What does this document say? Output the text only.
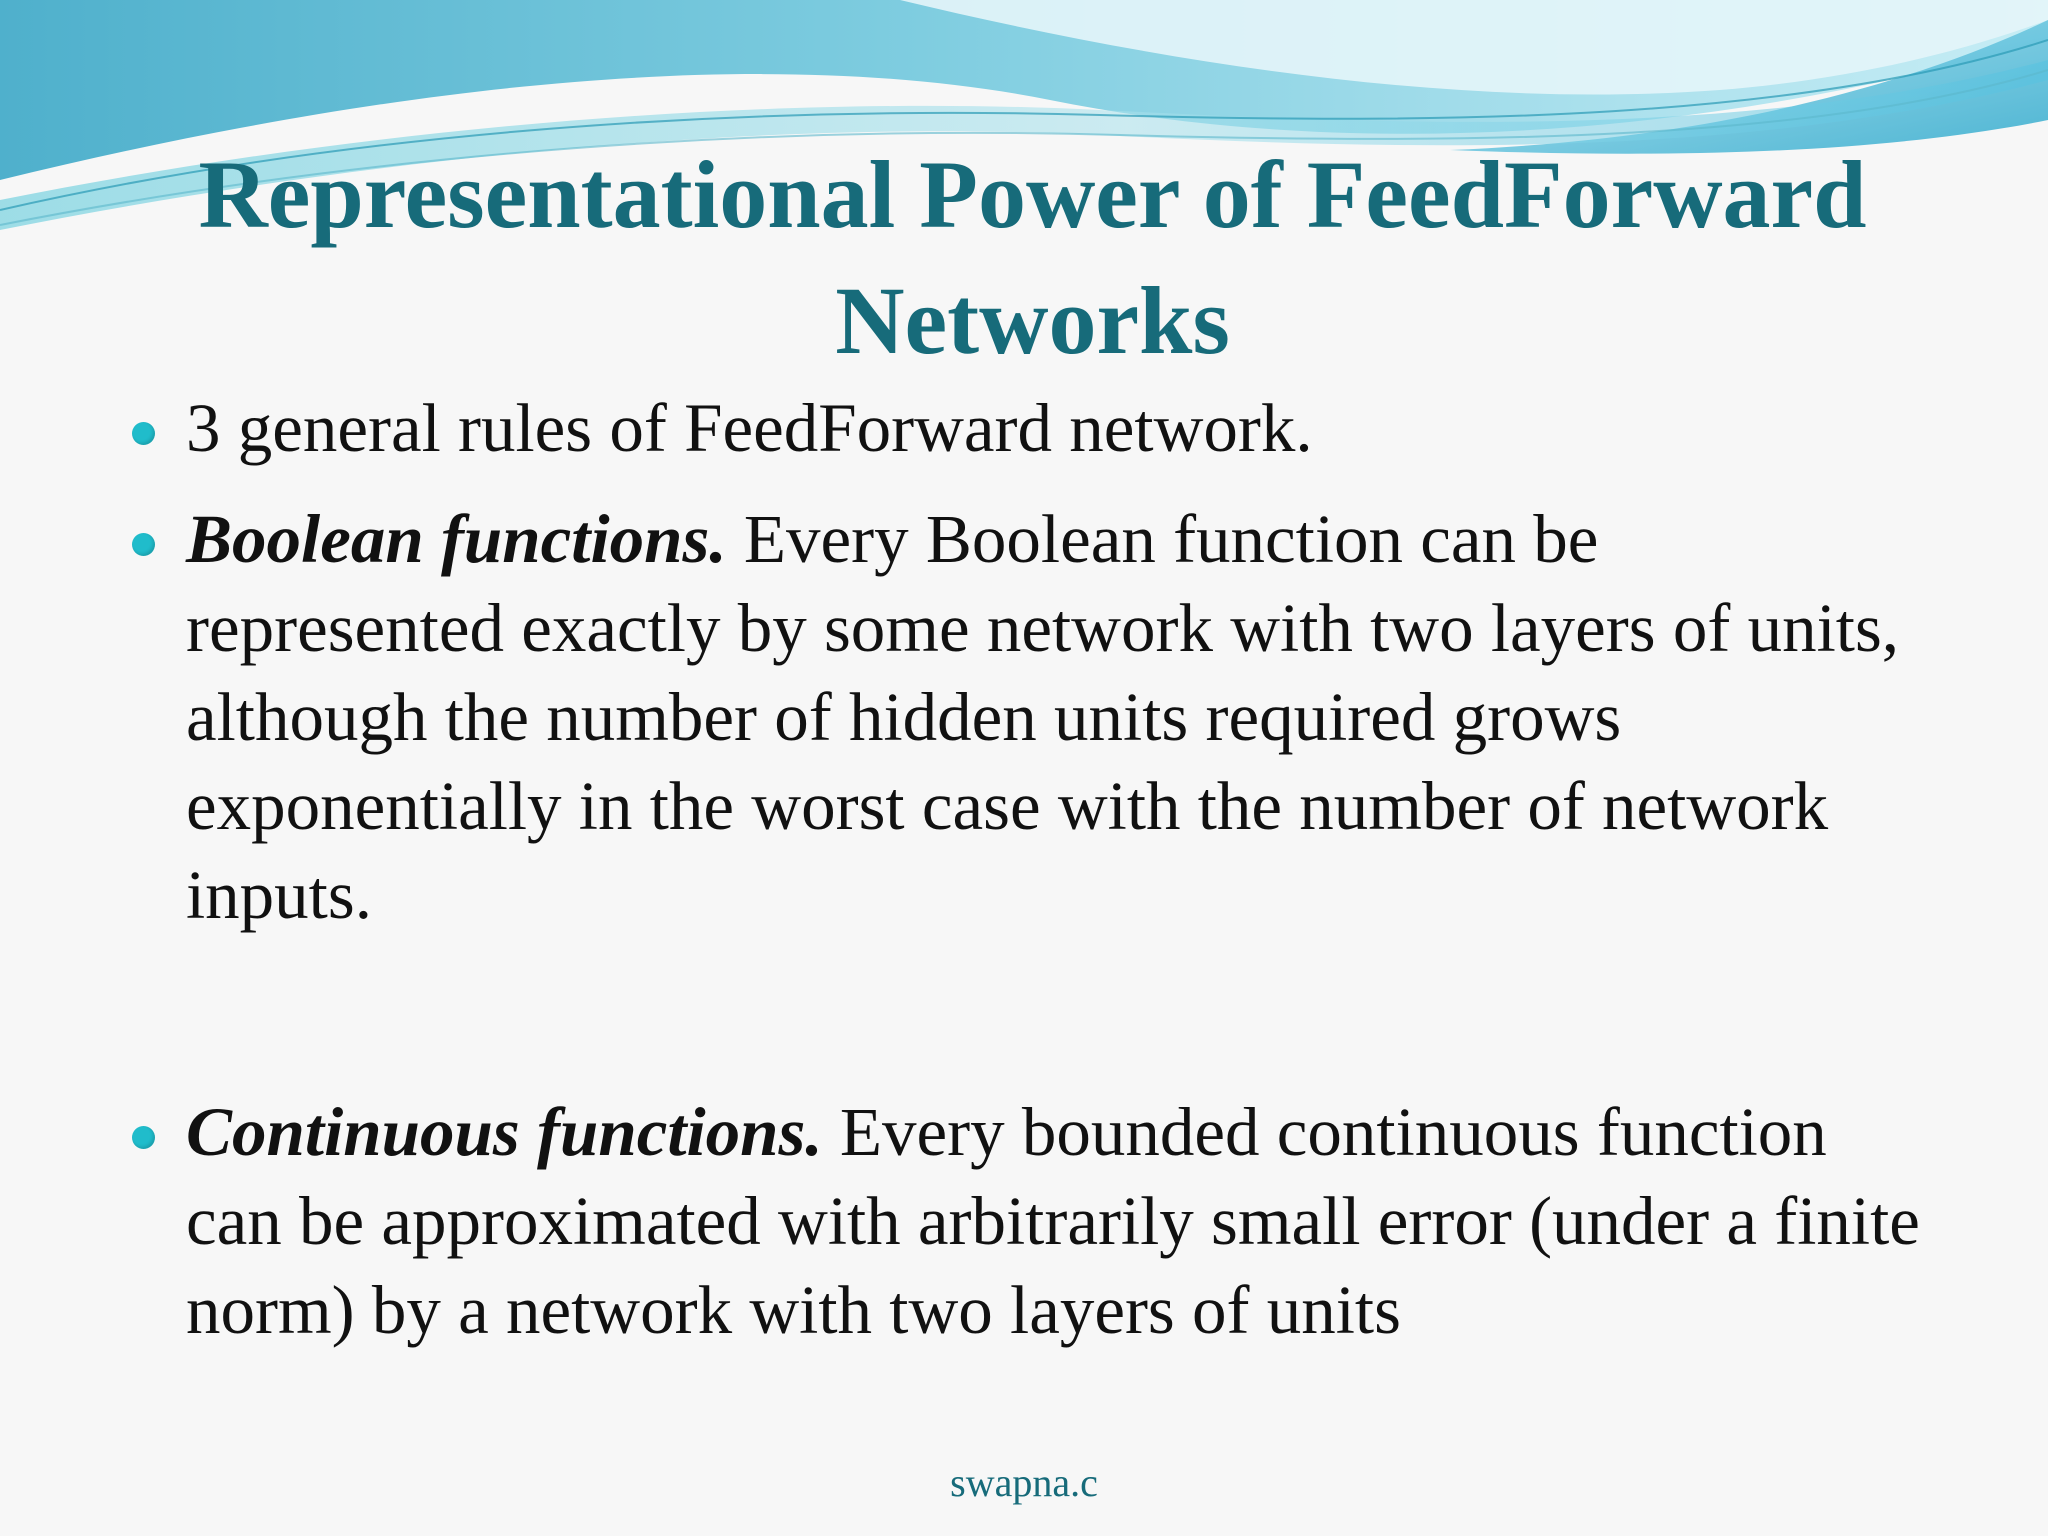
Representational Power of FeedForward Networks
3 general rules of FeedForward network.
Boolean functions. Every Boolean function can be represented exactly by some network with two layers of units, although the number of hidden units required grows exponentially in the worst case with the number of network inputs.
Continuous functions. Every bounded continuous function can be approximated with arbitrarily small error (under a finite norm) by a network with two layers of units
swapna.c
